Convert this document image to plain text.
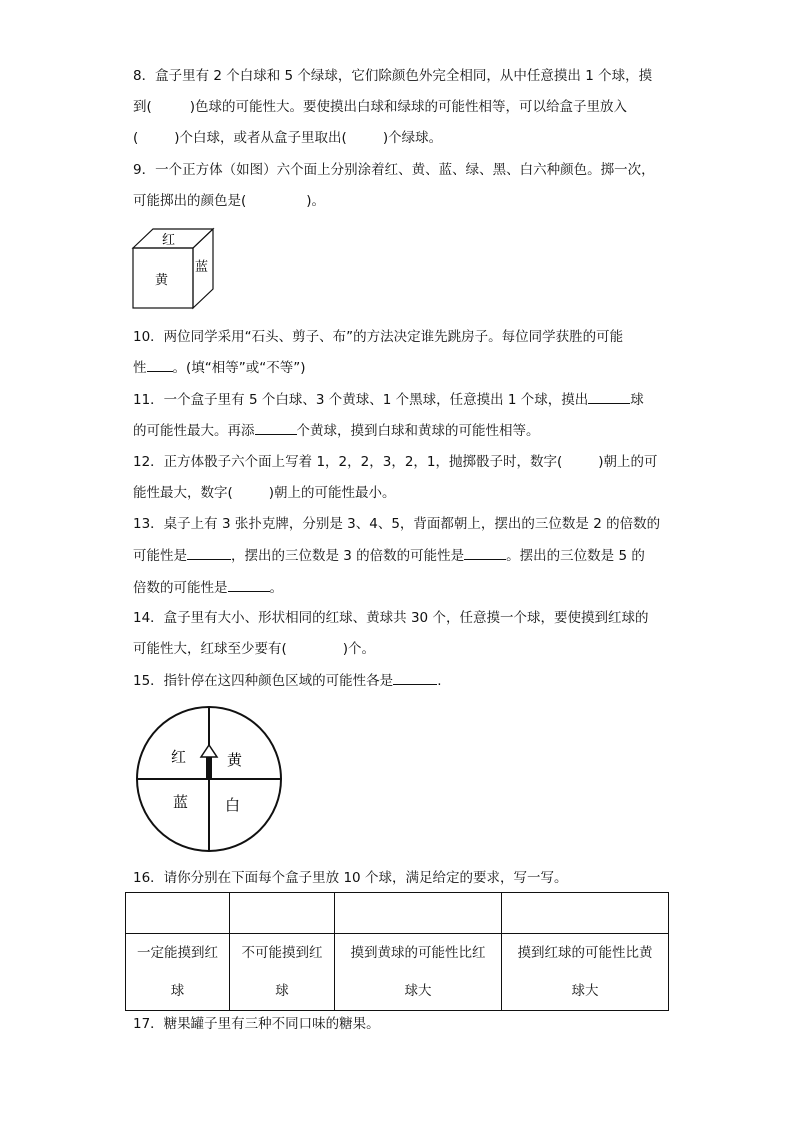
8．盒子里有 2 个白球和 5 个绿球，它们除颜色外完全相同，从中任意摸出 1 个球，摸
到(	)色球的可能性大。要使摸出白球和绿球的可能性相等，可以给盒子里放入
(	)个白球，或者从盒子里取出(	)个绿球。
9．一个正方体（如图）六个面上分别涂着红、黄、蓝、绿、黑、白六种颜色。掷一次，
可能掷出的颜色是(	)。
红
黄
蓝
10．两位同学采用“石头、剪子、布”的方法决定谁先跳房子。每位同学获胜的可能
性 。(填“相等”或“不等”)
11．一个盒子里有 5 个白球、3 个黄球、1 个黑球，任意摸出 1 个球，摸出	球
的可能性最大。再添	个黄球，摸到白球和黄球的可能性相等。
12．正方体骰子六个面上写着 1，2，2，3，2，1，抛掷骰子时，数字(	)朝上的可
能性最大，数字(	)朝上的可能性最小。
13．桌子上有 3 张扑克牌，分别是 3、4、5，背面都朝上，摆出的三位数是 2 的倍数的
可能性是	，摆出的三位数是 3 的倍数的可能性是	。摆出的三位数是 5 的
倍数的可能性是	。
14．盒子里有大小、形状相同的红球、黄球共 30 个，任意摸一个球，要使摸到红球的
可能性大，红球至少要有(	)个。
15．指针停在这四种颜色区域的可能性各是	.
红	黄
蓝 白
16．请你分别在下面每个盒子里放 10 个球，满足给定的要求，写一写。

一定能摸到红
球	不可能摸到红
球	摸到黄球的可能性比红
球大	摸到红球的可能性比黄
球大
17．糖果罐子里有三种不同口味的糖果。
